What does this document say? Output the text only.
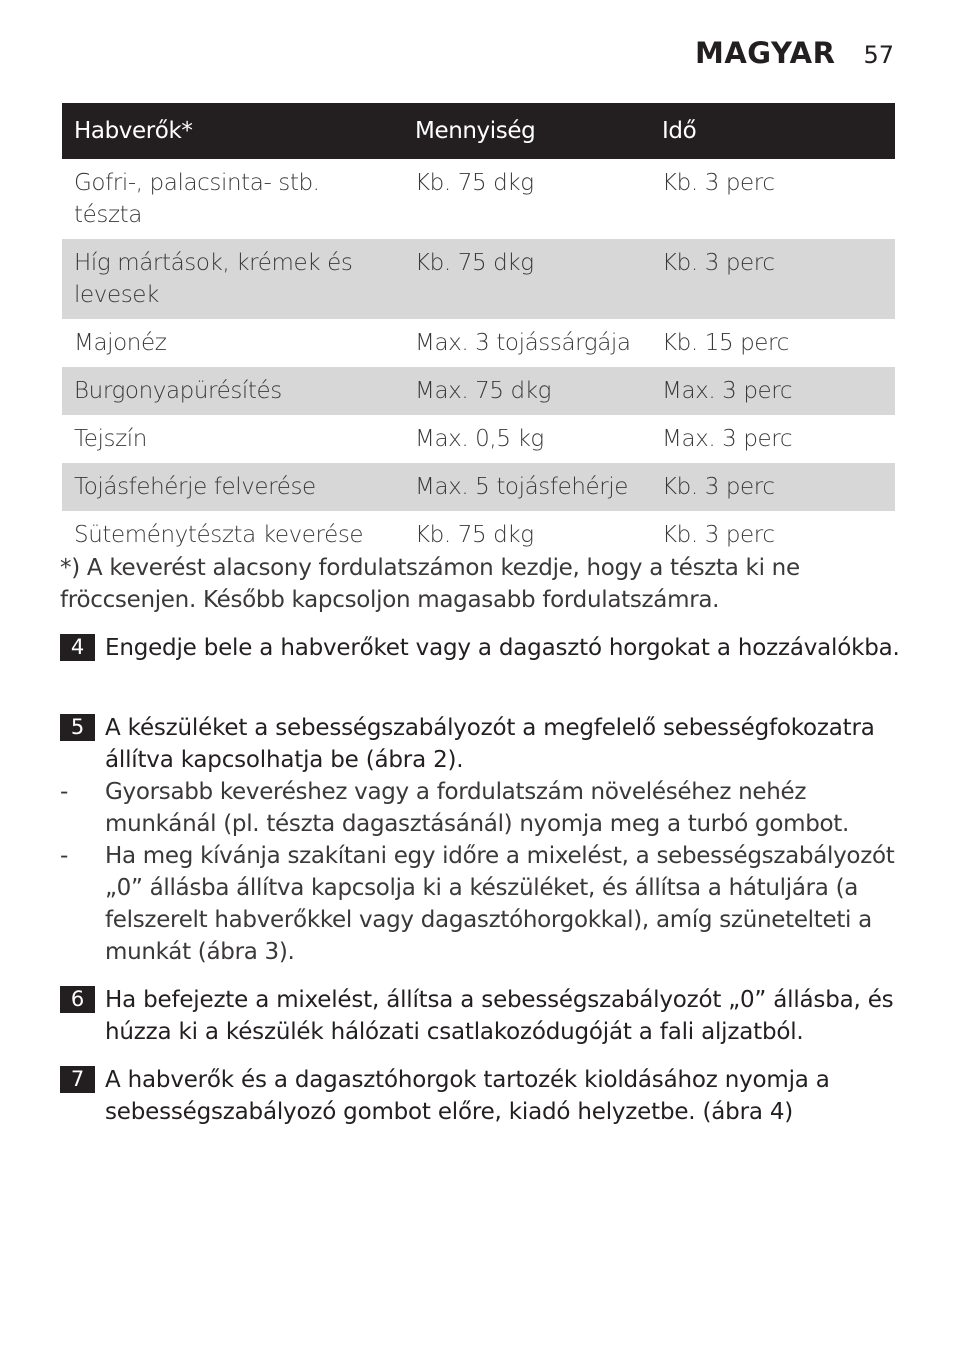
MAGYAR 57
Habverők*	Mennyiség	Idő
Gofri-, palacsinta- stb. tészta	Kb. 75 dkg	Kb. 3 perc
Híg mártások, krémek és levesek	Kb. 75 dkg	Kb. 3 perc
Majonéz	Max. 3 tojássárgája	Kb. 15 perc
Burgonyapürésítés	Max. 75 dkg	Max. 3 perc
Tejszín	Max. 0,5 kg	Max. 3 perc
Tojásfehérje felverése	Max. 5 tojásfehérje	Kb. 3 perc
Süteménytészta keverése	Kb. 75 dkg	Kb. 3 perc
*) A keverést alacsony fordulatszámon kezdje, hogy a tészta ki ne fröccsenjen. Később kapcsoljon magasabb fordulatszámra.
4 Engedje bele a habverőket vagy a dagasztó horgokat a hozzávalókba.
5 A készüléket a sebességszabályozót a megfelelő sebességfokozatra állítva kapcsolhatja be (ábra 2).
-	Gyorsabb keveréshez vagy a fordulatszám növeléséhez nehéz munkánál (pl. tészta dagasztásánál) nyomja meg a turbó gombot.
-	Ha meg kívánja szakítani egy időre a mixelést, a sebességszabályozót „0” állásba állítva kapcsolja ki a készüléket, és állítsa a hátuljára (a felszerelt habverőkkel vagy dagasztóhorgokkal), amíg szünetelteti a munkát (ábra 3).
6 Ha befejezte a mixelést, állítsa a sebességszabályozót „0” állásba, és húzza ki a készülék hálózati csatlakozódugóját a fali aljzatból.
7 A habverők és a dagasztóhorgok tartozék kioldásához nyomja a sebességszabályozó gombot előre, kiadó helyzetbe. (ábra 4)
